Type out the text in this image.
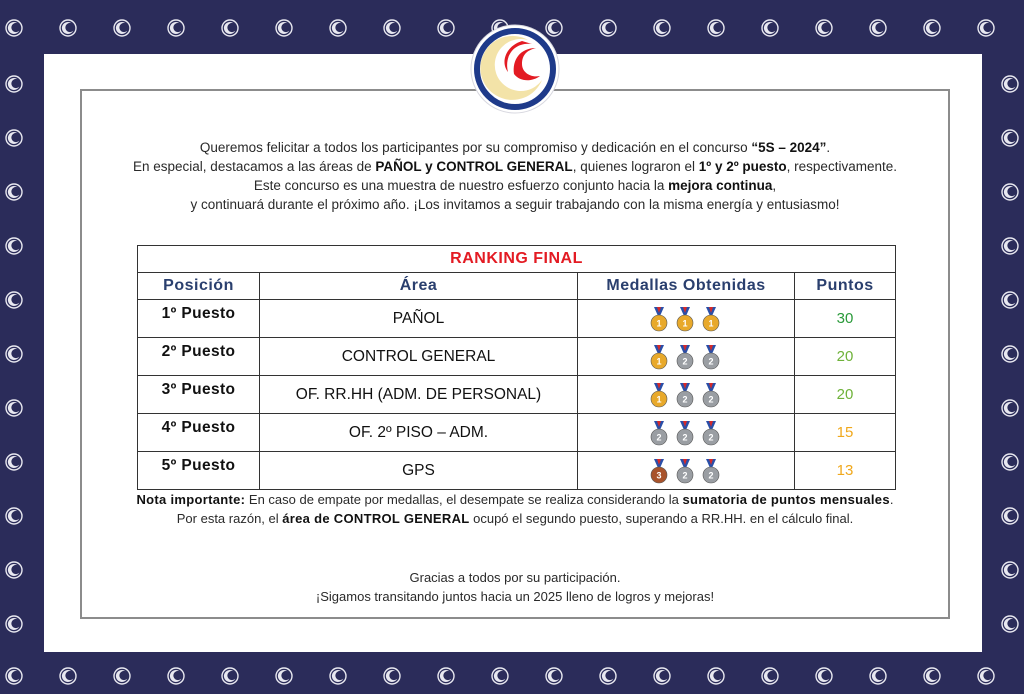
Queremos felicitar a todos los participantes por su compromiso y dedicación en el concurso “5S – 2024”.
En especial, destacamos a las áreas de PAÑOL y CONTROL GENERAL, quienes lograron el 1º y 2º puesto, respectivamente.
Este concurso es una muestra de nuestro esfuerzo conjunto hacia la mejora continua,
y continuará durante el próximo año. ¡Los invitamos a seguir trabajando con la misma energía y entusiasmo!
RANKING FINAL			
Posición	Área	Medallas Obtenidas	Puntos
1º Puesto	PAÑOL	1 1 1	30
2º Puesto	CONTROL GENERAL	1 2 2	20
3º Puesto	OF. RR.HH (ADM. DE PERSONAL)	1 2 2	20
4º Puesto	OF. 2º PISO – ADM.	2 2 2	15
5º Puesto	GPS	3 2 2	13
Nota importante: En caso de empate por medallas, el desempate se realiza considerando la sumatoria de puntos mensuales.
Por esta razón, el área de CONTROL GENERAL ocupó el segundo puesto, superando a RR.HH. en el cálculo final.
Gracias a todos por su participación.
¡Sigamos transitando juntos hacia un 2025 lleno de logros y mejoras!
